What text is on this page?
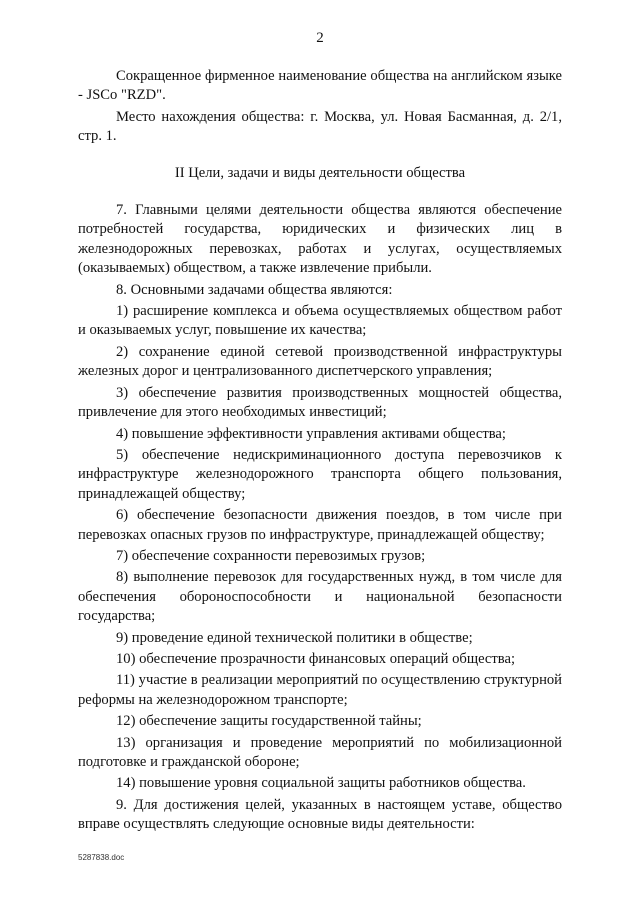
2

Сокращенное фирменное наименование общества на английском языке - JSCo "RZD".

Место нахождения общества: г. Москва, ул. Новая Басманная, д. 2/1, стр. 1.

II Цели, задачи и виды деятельности общества

7. Главными целями деятельности общества являются обеспечение потребностей государства, юридических и физических лиц в железнодорожных перевозках, работах и услугах, осуществляемых (оказываемых) обществом, а также извлечение прибыли.

8. Основными задачами общества являются:

1) расширение комплекса и объема осуществляемых обществом работ и оказываемых услуг, повышение их качества;

2) сохранение единой сетевой производственной инфраструктуры железных дорог и централизованного диспетчерского управления;

3) обеспечение развития производственных мощностей общества, привлечение для этого необходимых инвестиций;

4) повышение эффективности управления активами общества;

5) обеспечение недискриминационного доступа перевозчиков к инфраструктуре железнодорожного транспорта общего пользования, принадлежащей обществу;

6) обеспечение безопасности движения поездов, в том числе при перевозках опасных грузов по инфраструктуре, принадлежащей обществу;

7) обеспечение сохранности перевозимых грузов;

8) выполнение перевозок для государственных нужд, в том числе для обеспечения обороноспособности и национальной безопасности государства;

9) проведение единой технической политики в обществе;

10) обеспечение прозрачности финансовых операций общества;

11) участие в реализации мероприятий по осуществлению структурной реформы на железнодорожном транспорте;

12) обеспечение защиты государственной тайны;

13) организация и проведение мероприятий по мобилизационной подготовке и гражданской обороне;

14) повышение уровня социальной защиты работников общества.

9. Для достижения целей, указанных в настоящем уставе, общество вправе осуществлять следующие основные виды деятельности:

5287838.doc
